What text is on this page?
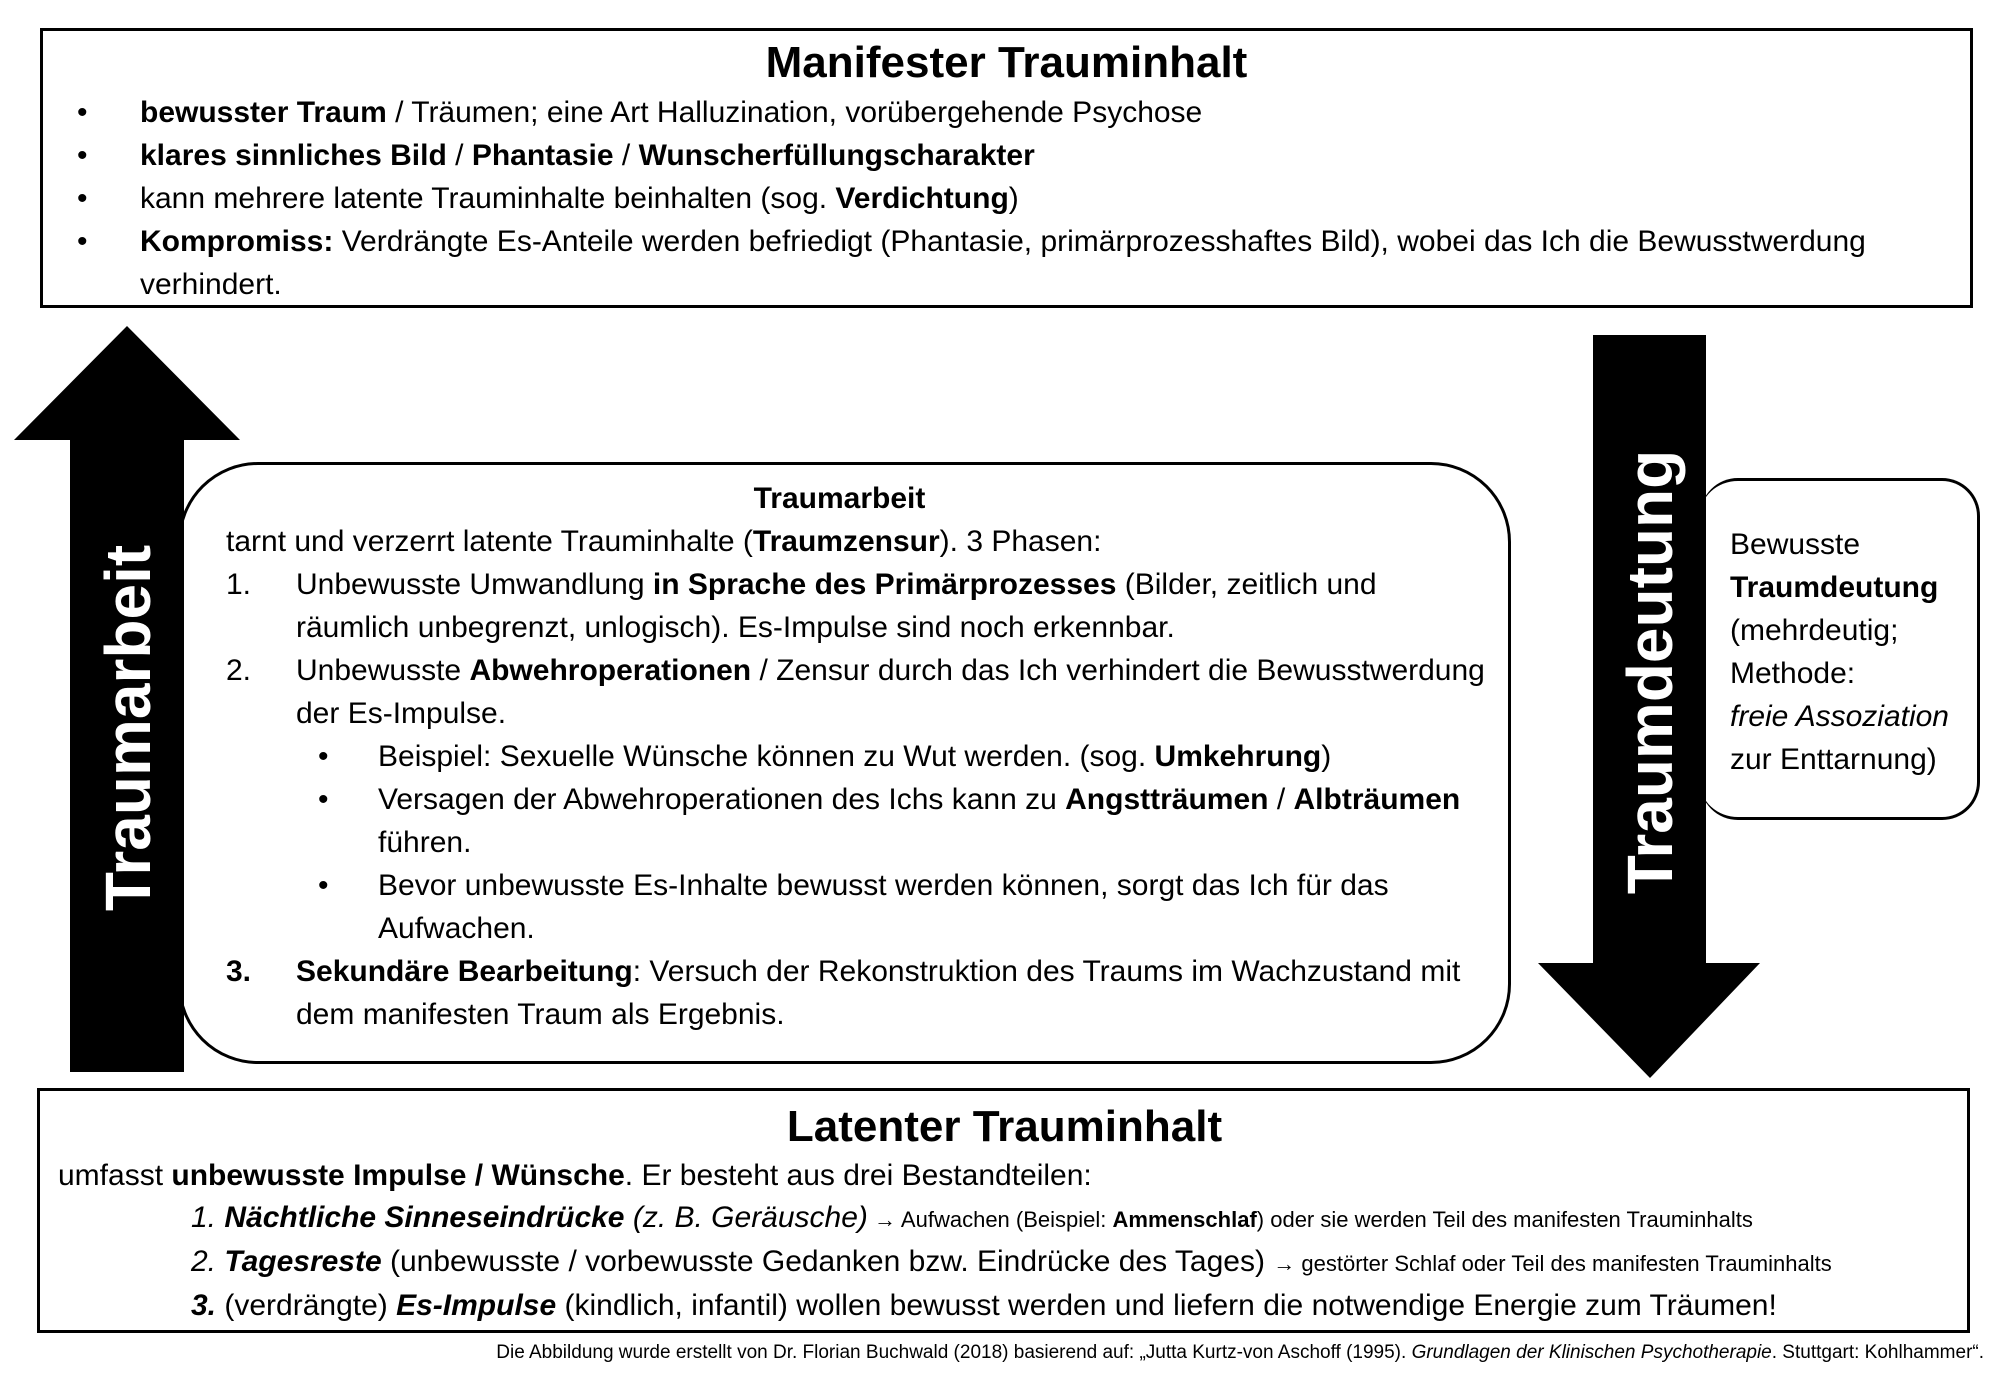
Manifester Trauminhalt
• bewusster Traum / Träumen; eine Art Halluzination, vorübergehende Psychose
• klares sinnliches Bild / Phantasie / Wunscherfüllungscharakter
• kann mehrere latente Trauminhalte beinhalten (sog. Verdichtung)
• Kompromiss: Verdrängte Es-Anteile werden befriedigt (Phantasie, primärprozesshaftes Bild), wobei das Ich die Bewusstwerdung verhindert.
Traumarbeit
tarnt und verzerrt latente Trauminhalte (Traumzensur). 3 Phasen:
1. Unbewusste Umwandlung in Sprache des Primärprozesses (Bilder, zeitlich und räumlich unbegrenzt, unlogisch). Es-Impulse sind noch erkennbar.
2. Unbewusste Abwehroperationen / Zensur durch das Ich verhindert die Bewusstwerdung der Es-Impulse.
• Beispiel: Sexuelle Wünsche können zu Wut werden. (sog. Umkehrung)
• Versagen der Abwehroperationen des Ichs kann zu Angstträumen / Albträumen führen.
• Bevor unbewusste Es-Inhalte bewusst werden können, sorgt das Ich für das Aufwachen.
3. Sekundäre Bearbeitung: Versuch der Rekonstruktion des Traums im Wachzustand mit dem manifesten Traum als Ergebnis.
Traumarbeit	Traumdeutung Bewusste
Traumdeutung
(mehrdeutig;
Methode:
freie Assoziation
zur Enttarnung)
Latenter Trauminhalt
umfasst unbewusste Impulse / Wünsche. Er besteht aus drei Bestandteilen:
1. Nächtliche Sinneseindrücke (z. B. Geräusche) → Aufwachen (Beispiel: Ammenschlaf) oder sie werden Teil des manifesten Trauminhalts
2. Tagesreste (unbewusste / vorbewusste Gedanken bzw. Eindrücke des Tages) → gestörter Schlaf oder Teil des manifesten Trauminhalts
3. (verdrängte) Es-Impulse (kindlich, infantil) wollen bewusst werden und liefern die notwendige Energie zum Träumen!
Die Abbildung wurde erstellt von Dr. Florian Buchwald (2018) basierend auf: „Jutta Kurtz-von Aschoff (1995). Grundlagen der Klinischen Psychotherapie. Stuttgart: Kohlhammer“.
